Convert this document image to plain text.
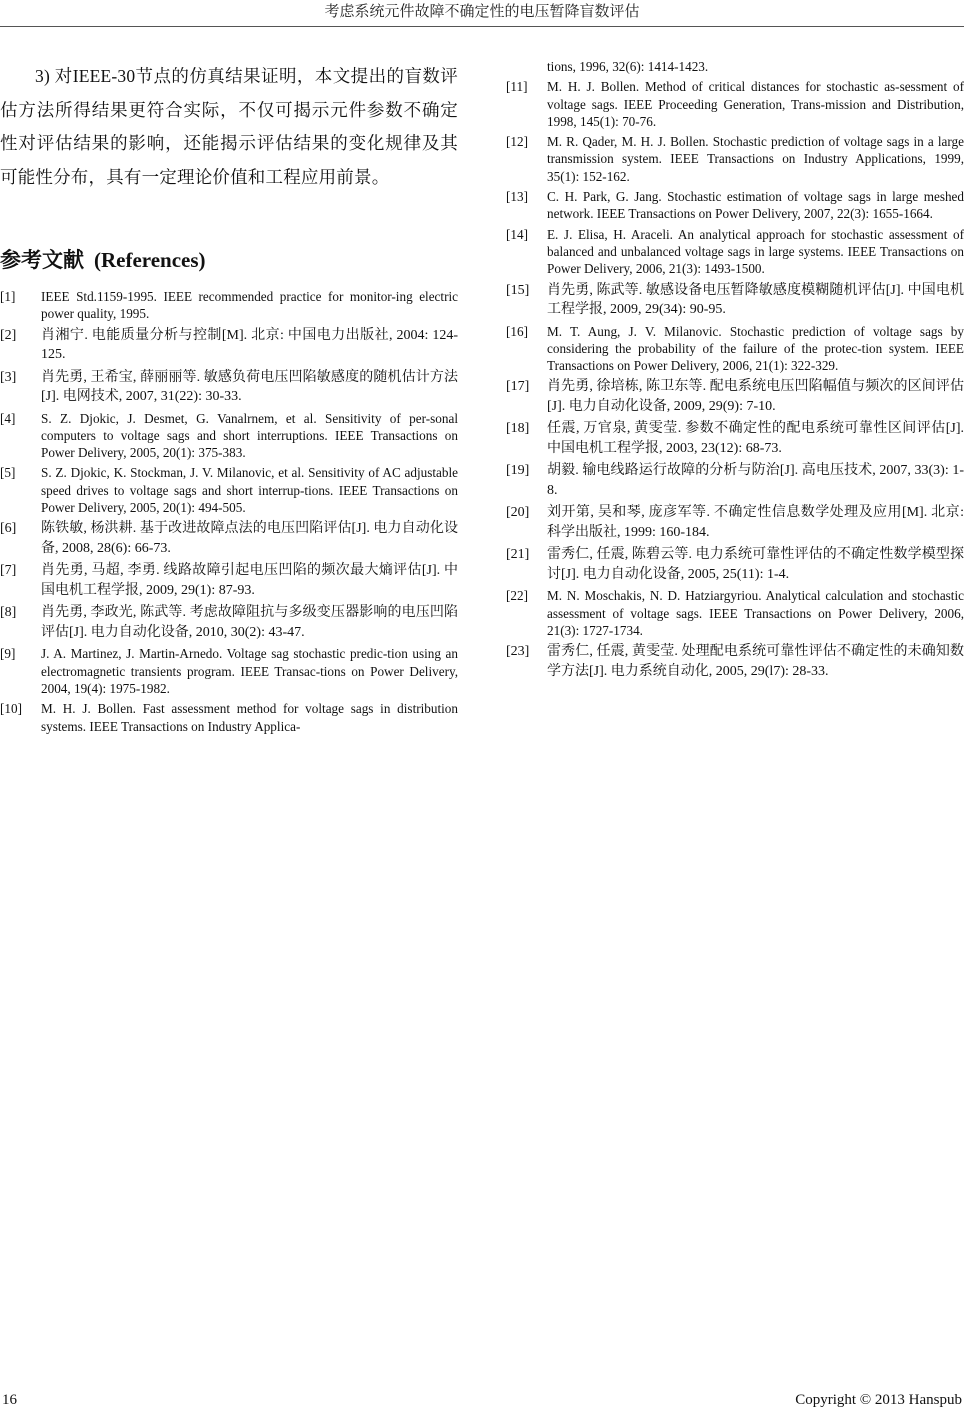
考虑系统元件故障不确定性的电压暂降盲数评估

3) 对IEEE-30节点的仿真结果证明，本文提出的盲数评估方法所得结果更符合实际，不仅可揭示元件参数不确定性对评估结果的影响，还能揭示评估结果的变化规律及其可能性分布，具有一定理论价值和工程应用前景。

参考文献 (References)
[1]	IEEE Std.1159-1995. IEEE recommended practice for monitor-ing electric power quality, 1995.
[2]	肖湘宁. 电能质量分析与控制[M]. 北京: 中国电力出版社, 2004: 124-125.
[3]	肖先勇, 王希宝, 薛丽丽等. 敏感负荷电压凹陷敏感度的随机估计方法[J]. 电网技术, 2007, 31(22): 30-33.
[4]	S. Z. Djokic, J. Desmet, G. Vanalrnem, et al. Sensitivity of per-sonal computers to voltage sags and short interruptions. IEEE Transactions on Power Delivery, 2005, 20(1): 375-383.
[5]	S. Z. Djokic, K. Stockman, J. V. Milanovic, et al. Sensitivity of AC adjustable speed drives to voltage sags and short interrup-tions. IEEE Transactions on Power Delivery, 2005, 20(1): 494-505.
[6]	陈铁敏, 杨洪耕. 基于改进故障点法的电压凹陷评估[J]. 电力自动化设备, 2008, 28(6): 66-73.
[7]	肖先勇, 马超, 李勇. 线路故障引起电压凹陷的频次最大熵评估[J]. 中国电机工程学报, 2009, 29(1): 87-93.
[8]	肖先勇, 李政光, 陈武等. 考虑故障阻抗与多级变压器影响的电压凹陷评估[J]. 电力自动化设备, 2010, 30(2): 43-47.
[9]	J. A. Martinez, J. Martin-Arnedo. Voltage sag stochastic predic-tion using an electromagnetic transients program. IEEE Transac-tions on Power Delivery, 2004, 19(4): 1975-1982.
[10]	M. H. J. Bollen. Fast assessment method for voltage sags in distribution systems. IEEE Transactions on Industry Applica-
tions, 1996, 32(6): 1414-1423.
[11]	M. H. J. Bollen. Method of critical distances for stochastic as-sessment of voltage sags. IEEE Proceeding Generation, Trans-mission and Distribution, 1998, 145(1): 70-76.
[12]	M. R. Qader, M. H. J. Bollen. Stochastic prediction of voltage sags in a large transmission system. IEEE Transactions on Industry Applications, 1999, 35(1): 152-162.
[13]	C. H. Park, G. Jang. Stochastic estimation of voltage sags in large meshed network. IEEE Transactions on Power Delivery, 2007, 22(3): 1655-1664.
[14]	E. J. Elisa, H. Araceli. An analytical approach for stochastic assessment of balanced and unbalanced voltage sags in large systems. IEEE Transactions on Power Delivery, 2006, 21(3): 1493-1500.
[15]	肖先勇, 陈武等. 敏感设备电压暂降敏感度模糊随机评估[J]. 中国电机工程学报, 2009, 29(34): 90-95.
[16]	M. T. Aung, J. V. Milanovic. Stochastic prediction of voltage sags by considering the probability of the failure of the protec-tion system. IEEE Transactions on Power Delivery, 2006, 21(1): 322-329.
[17]	肖先勇, 徐培栋, 陈卫东等. 配电系统电压凹陷幅值与频次的区间评估[J]. 电力自动化设备, 2009, 29(9): 7-10.
[18]	任震, 万官泉, 黄雯莹. 参数不确定性的配电系统可靠性区间评估[J]. 中国电机工程学报, 2003, 23(12): 68-73.
[19]	胡毅. 输电线路运行故障的分析与防治[J]. 高电压技术, 2007, 33(3): 1-8.
[20]	刘开第, 吴和琴, 庞彦军等. 不确定性信息数学处理及应用[M]. 北京: 科学出版社, 1999: 160-184.
[21]	雷秀仁, 任震, 陈碧云等. 电力系统可靠性评估的不确定性数学模型探讨[J]. 电力自动化设备, 2005, 25(11): 1-4.
[22]	M. N. Moschakis, N. D. Hatziargyriou. Analytical calculation and stochastic assessment of voltage sags. IEEE Transactions on Power Delivery, 2006, 21(3): 1727-1734.
[23]	雷秀仁, 任震, 黄雯莹. 处理配电系统可靠性评估不确定性的未确知数学方法[J]. 电力系统自动化, 2005, 29(l7): 28-33.
16	Copyright © 2013 Hanspub
